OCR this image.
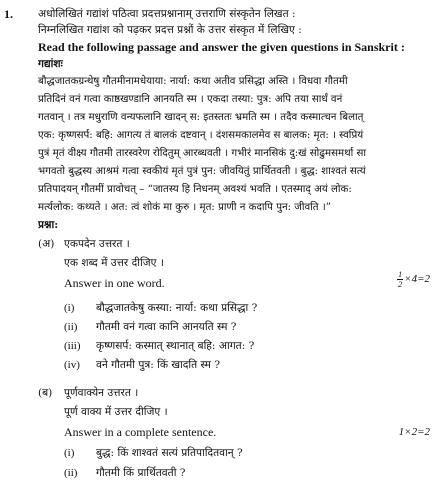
1. अधोलिखितं गद्यांशं पठित्वा प्रदत्तप्रश्नानाम् उत्तराणि संस्कृतेन लिखत :
निम्नलिखित गद्यांश को पढ़कर प्रदत्त प्रश्नों के उत्तर संस्कृत में लिखिए :
Read the following passage and answer the given questions in Sanskrit :
गद्यांशः
बौद्धजातकग्रन्थेषु गौतमीनामधेयाया: नार्या: कथा अतीव प्रसिद्धा अस्ति । विधवा गौतमी
प्रतिदिनं वनं गत्वा काष्ठखण्डानि आनयति स्म । एकदा तस्या: पुत्र: अपि तया सार्धं वनं
गतवान् । तत्र मधुराणि वन्यफलानि खादन् स: इतस्ततः भ्रमति स्म । तदैव कस्मात्चन बिलात्
एक: कृष्णसर्प: बहि: आगत्य तं बालकं दष्टवान् । दंशसमकालमेव स बालक: मृत: । स्वप्रियं
पुत्रं मृतं वीक्ष्य गौतमी तारस्वरेण रोदितुम् आरब्धवती । गभीरं मानसिकं दु:खं सोढुमसमर्था सा
भगवतो बुद्धस्य आश्रमं गत्वा स्वकीयं मृतं पुत्रं पुन: जीवयितुं प्रार्थितवती । बुद्ध: शाश्वतं सत्यं
प्रतिपादयन् गौतमीं प्रावोचत् – “जातस्य हि निधनम् अवश्यं भवति । एतस्माद् अयं लोक:
मर्त्यलोक: कथ्यते । अत: त्वं शोकं मा कुरु । मृत: प्राणी न कदापि पुन: जीवति ।”
प्रश्ना:
(अ) एकपदेन उत्तरत ।
एक शब्द में उत्तर दीजिए ।
Answer in one word.	$\frac{1}{2} \times 4=2$
(i) बौद्धजातकेषु कस्या: नार्या: कथा प्रसिद्धा ?
(ii) गौतमी वनं गत्वा कानि आनयति स्म ?
(iii) कृष्णसर्प: कस्मात् स्थानात् बहि: आगत: ?
(iv) वने गौतमी पुत्र: किं खादति स्म ?
(ब) पूर्णवाक्येन उत्तरत ।
पूर्ण वाक्य में उत्तर दीजिए ।
Answer in a complete sentence.	1×2=2
(i) बुद्ध: किं शाश्वतं सत्यं प्रतिपादितवान् ?
(ii) गौतमी किं प्रार्थितवती ?
